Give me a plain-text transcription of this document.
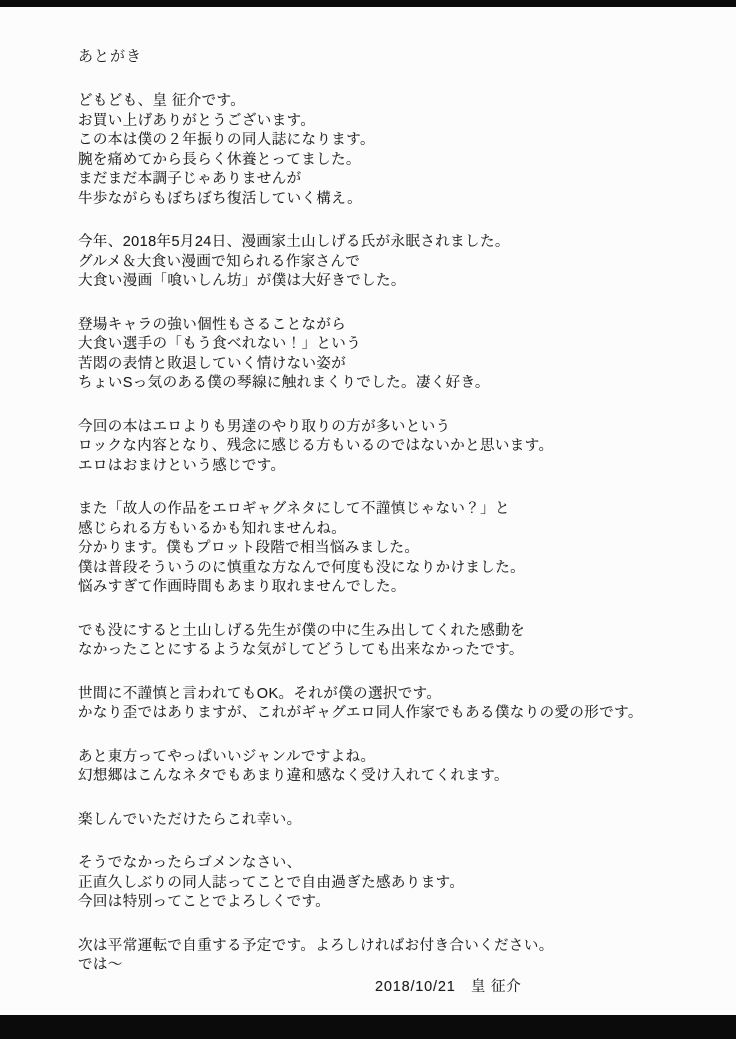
あとがき
どもども、皇 征介です。
お買い上げありがとうございます。
この本は僕の２年振りの同人誌になります。
腕を痛めてから長らく休養とってました。
まだまだ本調子じゃありませんが
牛歩ながらもぼちぼち復活していく構え。
今年、2018年5月24日、漫画家土山しげる氏が永眠されました。
グルメ＆大食い漫画で知られる作家さんで
大食い漫画「喰いしん坊」が僕は大好きでした。
登場キャラの強い個性もさることながら
大食い選手の「もう食べれない！」という
苦悶の表情と敗退していく情けない姿が
ちょいSっ気のある僕の琴線に触れまくりでした。凄く好き。
今回の本はエロよりも男達のやり取りの方が多いという
ロックな内容となり、残念に感じる方もいるのではないかと思います。
エロはおまけという感じです。
また「故人の作品をエロギャグネタにして不謹慎じゃない？」と
感じられる方もいるかも知れませんね。
分かります。僕もプロット段階で相当悩みました。
僕は普段そういうのに慎重な方なんで何度も没になりかけました。
悩みすぎて作画時間もあまり取れませんでした。
でも没にすると土山しげる先生が僕の中に生み出してくれた感動を
なかったことにするような気がしてどうしても出来なかったです。
世間に不謹慎と言われてもOK。それが僕の選択です。
かなり歪ではありますが、これがギャグエロ同人作家でもある僕なりの愛の形です。
あと東方ってやっぱいいジャンルですよね。
幻想郷はこんなネタでもあまり違和感なく受け入れてくれます。
楽しんでいただけたらこれ幸い。
そうでなかったらゴメンなさい、
正直久しぶりの同人誌ってことで自由過ぎた感あります。
今回は特別ってことでよろしくです。
次は平常運転で自重する予定です。よろしければお付き合いください。
では～
2018/10/21　皇 征介
